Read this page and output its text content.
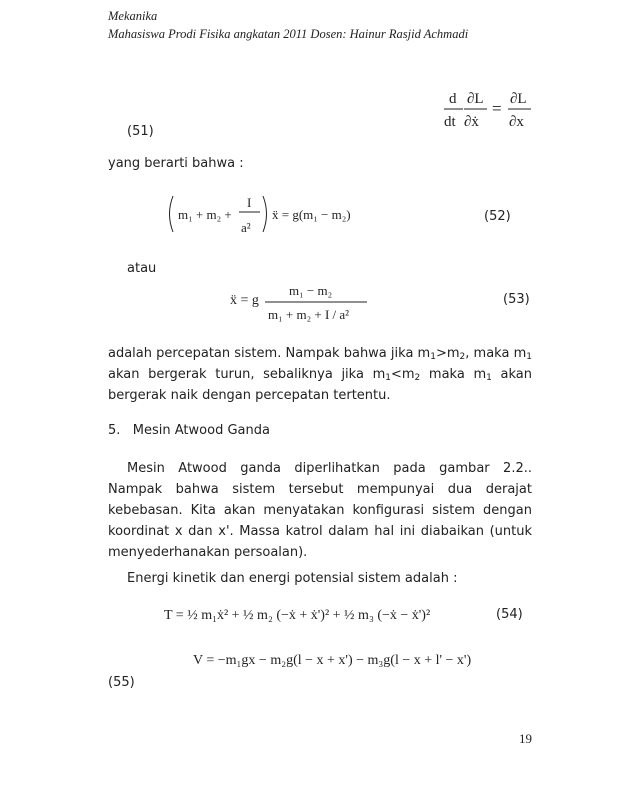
Mekanika
Mahasiswa Prodi Fisika angkatan 2011 Dosen: Hainur Rasjid Achmadi
d
dt
∂L
∂ẋ
= ∂L
∂x
(51)
yang berarti bahwa :
m₁ + m₂ +
I
a²
ẍ = g(m₁ − m₂)	(52)
atau
ẍ = g
m₁ − m₂
m₁ + m₂ + I / a²
(53)

adalah percepatan sistem. Nampak bahwa jika $m_1>m_2$, maka $m_1$ akan bergerak turun, sebaliknya jika $m_1<m_2$ maka $m_1$ akan bergerak naik dengan percepatan tertentu.

5.   Mesin Atwood Ganda

Mesin Atwood ganda diperlihatkan pada gambar 2.2.. Nampak bahwa sistem tersebut mempunyai dua derajat kebebasan. Kita akan menyatakan konfigurasi sistem dengan koordinat x dan x'. Massa katrol dalam hal ini diabaikan (untuk menyederhanakan persoalan).

Energi kinetik dan energi potensial sistem adalah :

T = ½ m₁ẋ² + ½ m₂ (−ẋ + ẋ')² + ½ m₃ (−ẋ − ẋ')²	(54)
V = −m₁gx − m₂g(l − x + x') − m₃g(l − x + l' − x')
(55)
19
